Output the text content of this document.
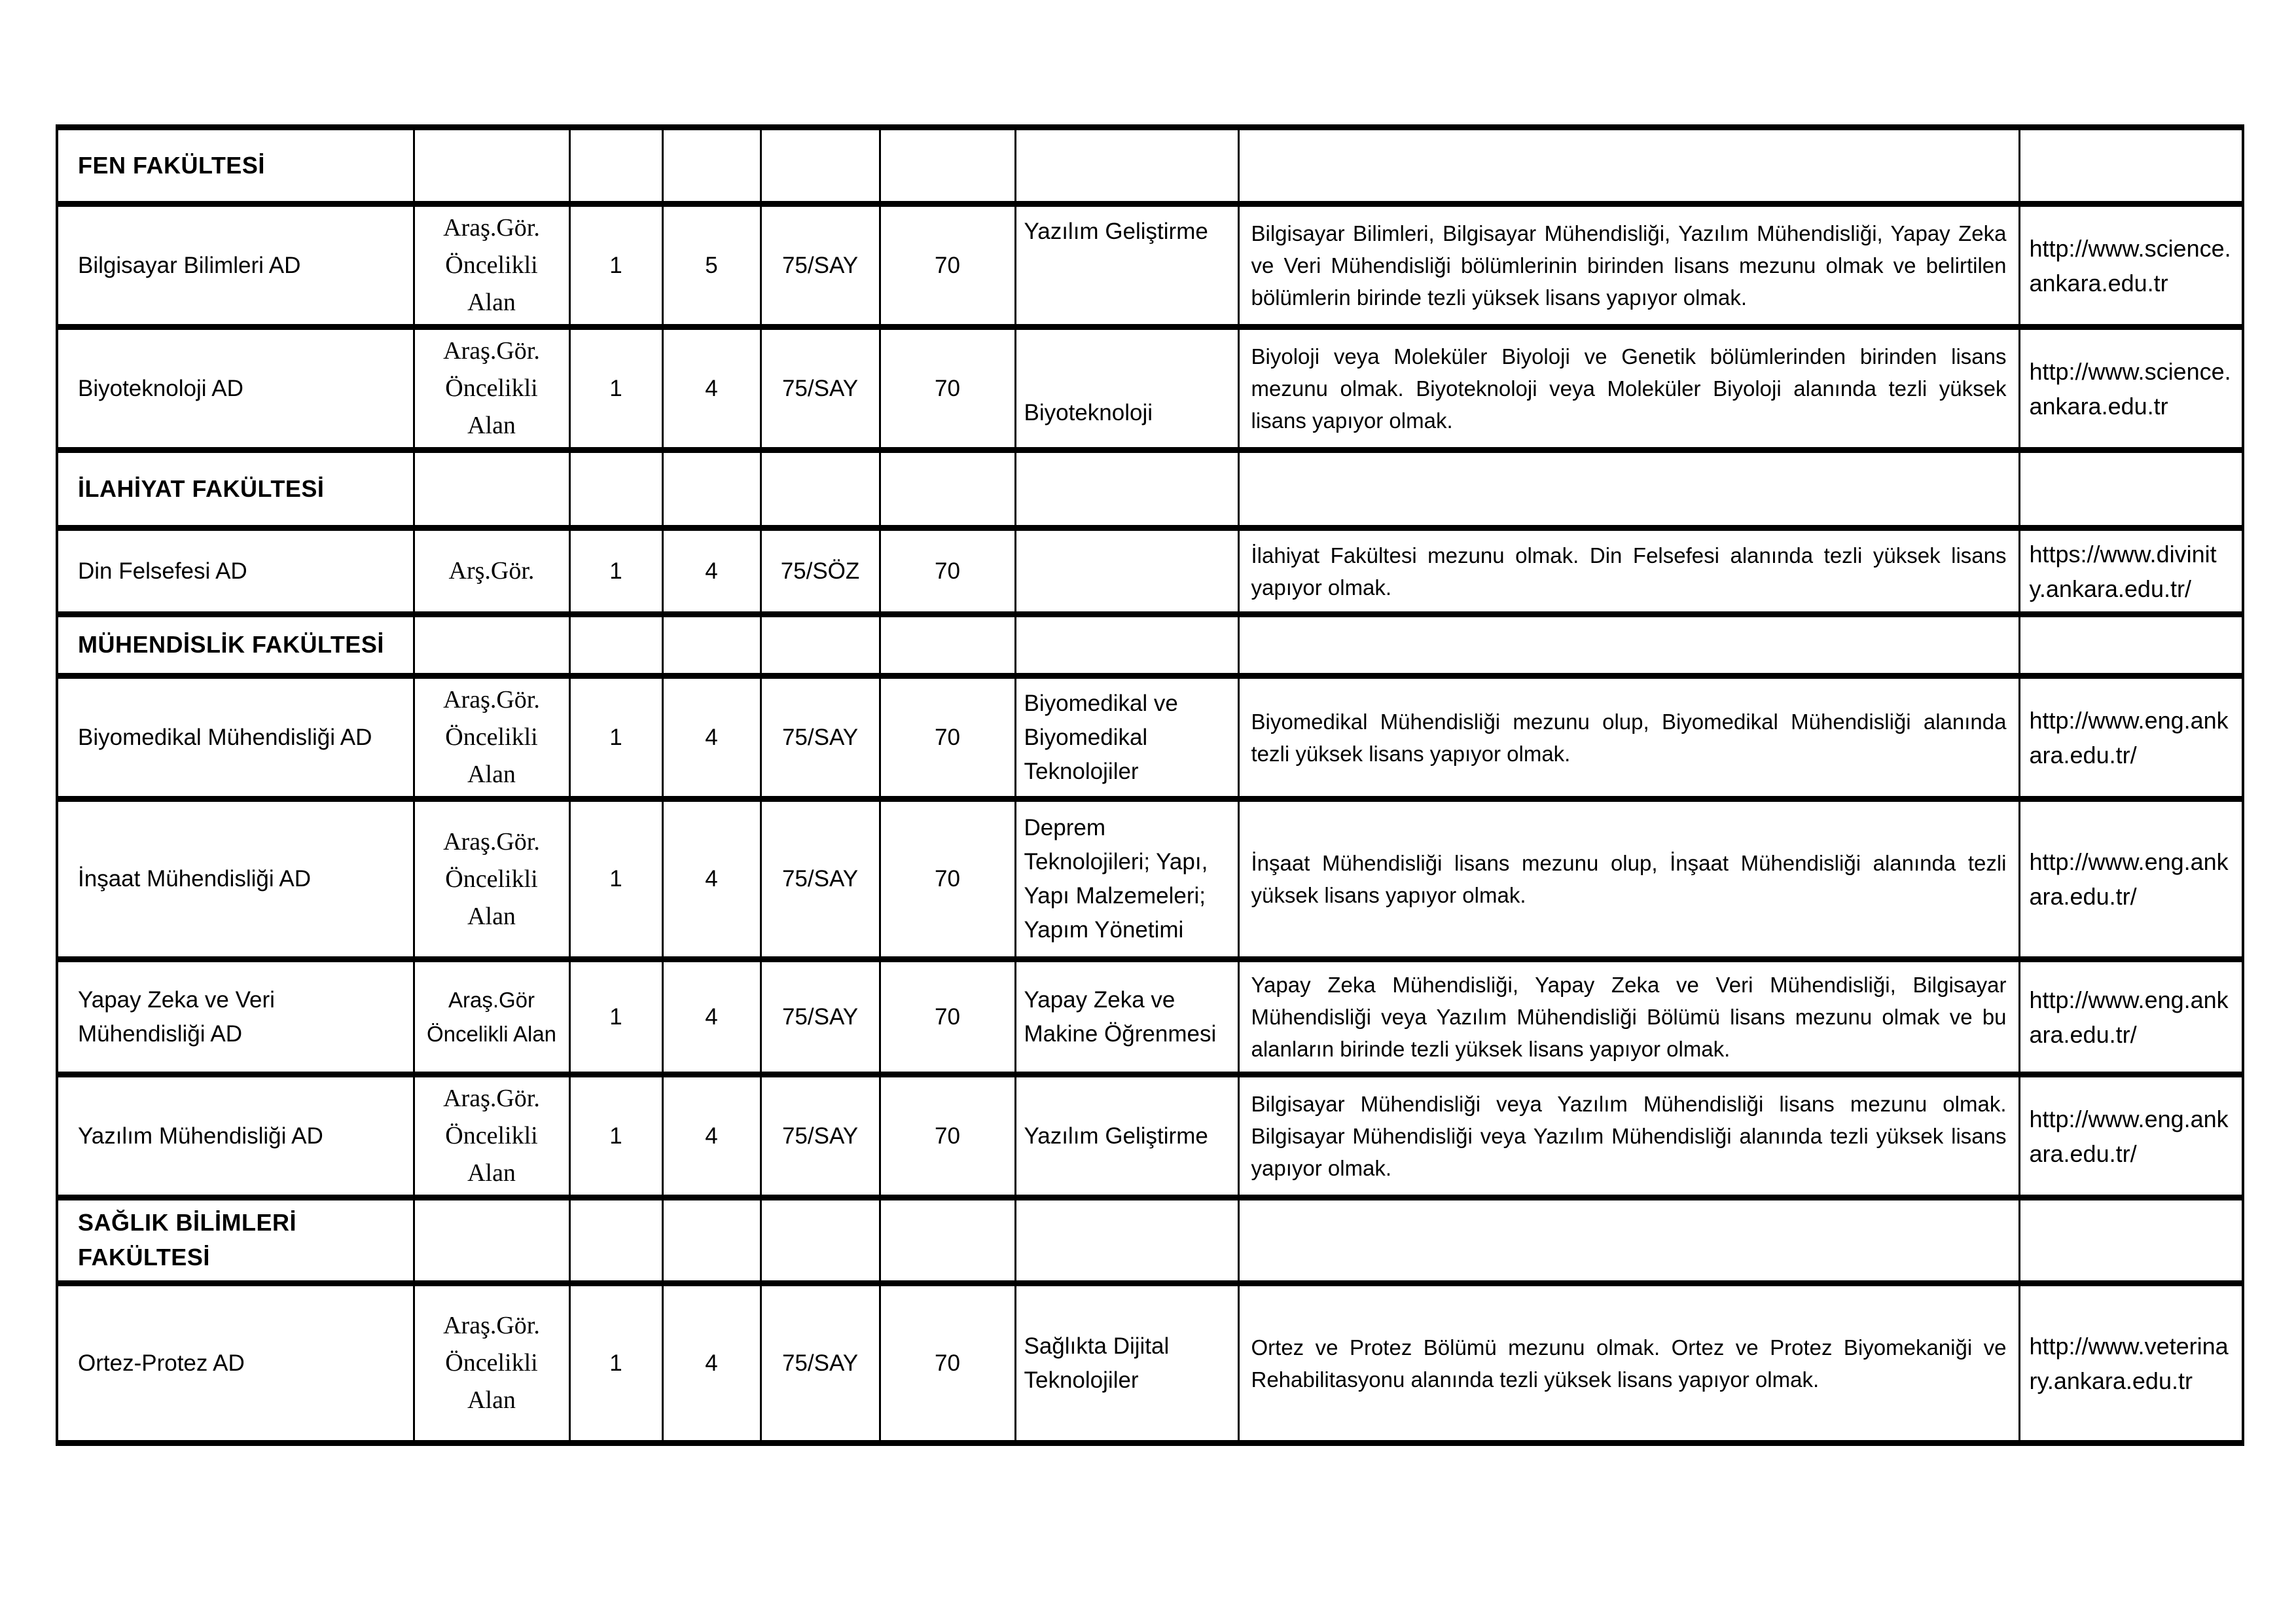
FEN FAKÜLTESİ								
Bilgisayar Bilimleri AD	Araş.Gör. Öncelikli Alan	1	5	75/SAY	70	Yazılım Geliştirme	Bilgisayar Bilimleri, Bilgisayar Mühendisliği, Yazılım Mühendisliği, Yapay Zeka ve Veri Mühendisliği bölümlerinin birinden lisans mezunu olmak ve belirtilen bölümlerin birinde tezli yüksek lisans yapıyor olmak.	http://www.science.ankara.edu.tr
Biyoteknoloji AD	Araş.Gör. Öncelikli Alan	1	4	75/SAY	70	Biyoteknoloji	Biyoloji veya Moleküler Biyoloji ve Genetik bölümlerinden birinden lisans mezunu olmak. Biyoteknoloji veya Moleküler Biyoloji alanında tezli yüksek lisans yapıyor olmak.	http://www.science.ankara.edu.tr
İLAHİYAT FAKÜLTESİ								
Din Felsefesi AD	Arş.Gör.	1	4	75/SÖZ	70		İlahiyat Fakültesi mezunu olmak. Din Felsefesi alanında tezli yüksek lisans yapıyor olmak.	https://www.divinity.ankara.edu.tr/
MÜHENDİSLİK FAKÜLTESİ								
Biyomedikal Mühendisliği AD	Araş.Gör. Öncelikli Alan	1	4	75/SAY	70	Biyomedikal ve Biyomedikal Teknolojiler	Biyomedikal Mühendisliği mezunu olup, Biyomedikal Mühendisliği alanında tezli yüksek lisans yapıyor olmak.	http://www.eng.ankara.edu.tr/
İnşaat Mühendisliği AD	Araş.Gör. Öncelikli Alan	1	4	75/SAY	70	Deprem Teknolojileri; Yapı, Yapı Malzemeleri; Yapım Yönetimi	İnşaat Mühendisliği lisans mezunu olup, İnşaat Mühendisliği alanında tezli yüksek lisans yapıyor olmak.	http://www.eng.ankara.edu.tr/
Yapay Zeka ve Veri Mühendisliği AD	Araş.Gör Öncelikli Alan	1	4	75/SAY	70	Yapay Zeka ve Makine Öğrenmesi	Yapay Zeka Mühendisliği, Yapay Zeka ve Veri Mühendisliği, Bilgisayar Mühendisliği veya Yazılım Mühendisliği Bölümü lisans mezunu olmak ve bu alanların birinde tezli yüksek lisans yapıyor olmak.	http://www.eng.ankara.edu.tr/
Yazılım Mühendisliği AD	Araş.Gör. Öncelikli Alan	1	4	75/SAY	70	Yazılım Geliştirme	Bilgisayar Mühendisliği veya Yazılım Mühendisliği lisans mezunu olmak. Bilgisayar Mühendisliği veya Yazılım Mühendisliği alanında tezli yüksek lisans yapıyor olmak.	http://www.eng.ankara.edu.tr/
SAĞLIK BİLİMLERİ FAKÜLTESİ								
Ortez-Protez AD	Araş.Gör. Öncelikli Alan	1	4	75/SAY	70	Sağlıkta Dijital Teknolojiler	Ortez ve Protez Bölümü mezunu olmak. Ortez ve Protez Biyomekaniği ve Rehabilitasyonu alanında tezli yüksek lisans yapıyor olmak.	http://www.veterinary.ankara.edu.tr
